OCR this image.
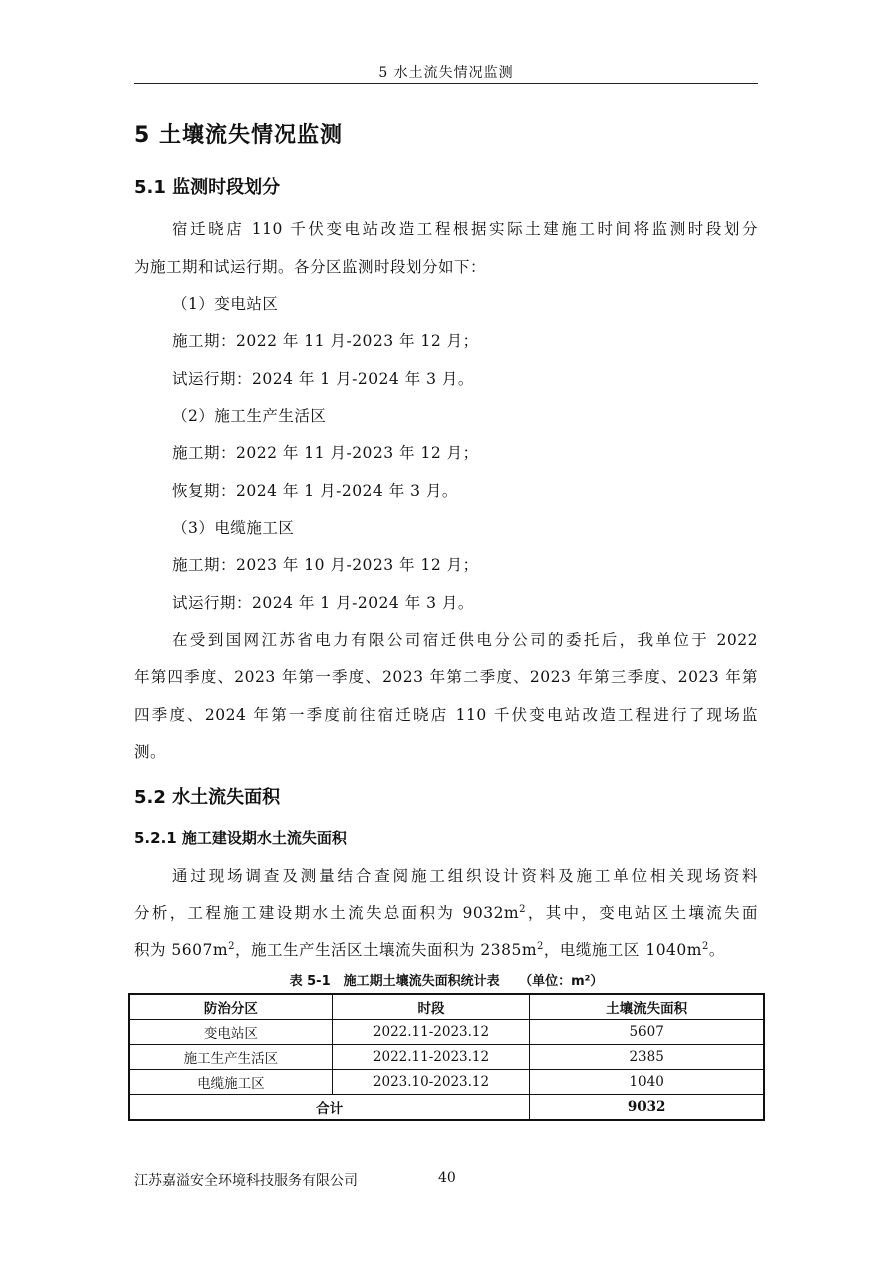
5 水土流失情况监测
5 土壤流失情况监测
5.1 监测时段划分
宿迁晓店 110 千伏变电站改造工程根据实际土建施工时间将监测时段划分
为施工期和试运行期。各分区监测时段划分如下：
（1）变电站区
施工期：2022 年 11 月-2023 年 12 月；
试运行期：2024 年 1 月-2024 年 3 月。
（2）施工生产生活区
施工期：2022 年 11 月-2023 年 12 月；
恢复期：2024 年 1 月-2024 年 3 月。
（3）电缆施工区
施工期：2023 年 10 月-2023 年 12 月；
试运行期：2024 年 1 月-2024 年 3 月。
在受到国网江苏省电力有限公司宿迁供电分公司的委托后，我单位于 2022
年第四季度、2023 年第一季度、2023 年第二季度、2023 年第三季度、2023 年第
四季度、2024 年第一季度前往宿迁晓店 110 千伏变电站改造工程进行了现场监
测。
5.2 水土流失面积
5.2.1 施工建设期水土流失面积
通过现场调查及测量结合查阅施工组织设计资料及施工单位相关现场资料
分析，工程施工建设期水土流失总面积为 $9032m^2$，其中，变电站区土壤流失面
积为 $5607m^2$，施工生产生活区土壤流失面积为 $2385m^2$，电缆施工区 $1040m^2$。
表 5-1　施工期土壤流失面积统计表　　（单位：m²）
防治分区	时段	土壤流失面积
变电站区	2022.11-2023.12	5607
施工生产生活区	2022.11-2023.12	2385
电缆施工区	2023.10-2023.12	1040
合计		9032
江苏嘉溢安全环境科技服务有限公司	40
